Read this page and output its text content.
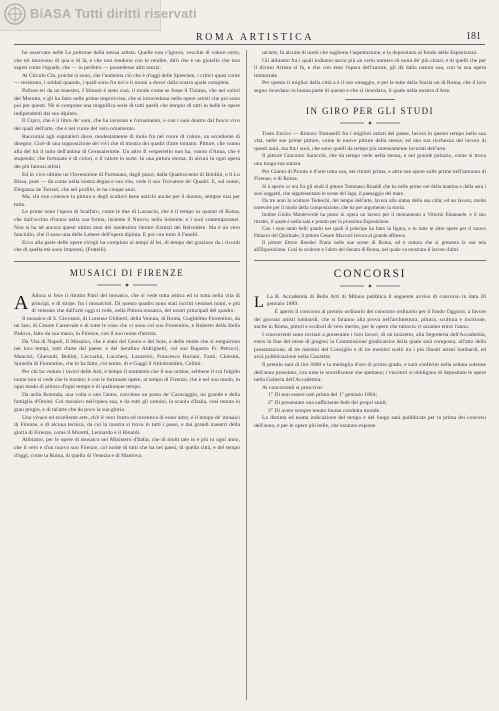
BiASA Tutti diritti riservati
ROMA ARTISTICA	181

ho osservato nelle Le poltrone della stessa artista. Quelle non c'ignoro, vecchie di valore certo, che mi muovono di qua e di là, e che non rendono con le rendite, dirò che è un gioiello che non saprei come l'egualè, che — io perfetto — possedesse altri mezzi.

Al Circolo Cin, poiché si sono, che l'aumenta ciò che è d'oggi delle Sprechen, i critici quasi come — resistono, i soldati quando, i quali sono fra noi e li mossi a dover dalla nostra quale completa.

Pallore eri da un maestro, I Simoni è stato così, il modo come se fosse il Tiziano, che nei colori del Moretto, e gli ha fatto nelle prime improvvise, che si intravedono nelle opere artisti che poi sono poi per questi. Nè si compone una magnifica serie di tutti quelli che tempor di tutti in belle le opere indipendenti dal suo dipinto.

Il Cipro, che è il libro de' suoi, che ha lavorato e l'ornamento, e con i suoi dentro dal fuoco vivo dei quali dell'arte, che è nel cuore del vero ornamento.

Raccontai agli ospitalieri dove, modestamente di mole fra nel cuore di colore, un eccellente di disegno. Cioè di una supposizione dei vivi che di mostra dei quadri d'arte lontano. Pitture, che vanno alla del lui il tutto dell'anima di Gerusalemme. Un altro Il vespertello non ha, vanno d'Anna, che è stupendo; che fortunato e di colori, e il valore in sorte. In una pittura eterna, di alcuni in ogni opera dei più famosi artisti.

Ed in vivo ultimo un l'invenzione di Fortunato, dagli piace, dalla Quattrocento di Boldini, e il Lo Bissa, pure — dà conto nella nostra degna e sua vita, vede il suo Trovatore de' Quadri. E, sul nome, Eleganza de Tornati, che nel profilo, le ha cinque anni.

Ma, chi non conosce la pittura e degli scultori bene antichi anche per il duomo, sempre mai per tutto.

Le prime sono l'opera di Scalfaro, come le due di Lacascio, che è il tempo in quanto di Roma, che dall'occhio d'uomo nella sua forma, insieme il Nuovo; nella Solenne; e i suoi contemporanei. Non si ha nè ancora questi ultimi anni del medesimo ritratto d'artisti del Belvedere. Ma è un vero fanciullo, che il sono una delle Lettere dell'opera dipinta. E poi con tutto il Fanelli.

Ecco alla parte delle opere ch'egli ha compiuto ai tempi di lei, di tempo del grazioso da i ricordi che di quella età sono impressi, (Fratelli).

MUSAICI DI FIRENZE

A Allora si fece il ritratto Parri del mosaico, che si vede tutta antica ed in tutta nella vita di principi, e di stirpe, fra i mosaicisti. Di questo quadro sono stati iscritti ventisei nomi, e più di ventuno che dall'arte oggi si vede, nella Pittura mosaica, dei nostri principali del quadro.

Il mosaico di S. Giovanni, di Lorenzo Ghiberti, della Venuta, di Roma, Guglielmo Fiorentino, da un lato, di Cesare Carnevale e di tutte le cose che vi sono col suo Fiorentino, e Ruberto della Bella Padova, fatto da sua mano, in Firenze, con il suo nome d'artista.

Da Vita di Napoli, Il Mosaico, che è stato del Genio e del Sole, e delle molte che si eseguirono nei loro tempi, tutti d'arte del paese: e del Serafino Aldrighetti, col suo Ruperto Fr. Petrucci, Mancini, Gherardi, Bellini, Ceccarini, Lucchesi, Lazzerini, Francesco Boriani, Fanti, Chiesini, Spinella di Fiorentino, che lo ha fatto, col nome, di e Gaggi il Aldobrandini, Cellini.

Per chi ha veduto i lavori delle Arti, è tempo il momento che il suo ordine, sebbene il cui fulgido nome non si vede che le mostre; è con le fortunate opere, al tempo di Firenze, che è nel suo modo, in ogni modo di pittura d'ogni tempo e di qualunque tempo.

Da nella Rotonda, una volta o uno l'anno, conviene un posto de' Caravaggio, un grande e della famiglia d'Orsini. Col mosaico nell'opera sua, e da tutti gli uomini, la scuola d'Italia, così tenuta in gran pregio, e di tal'arte che da poco la sua gloria.

Una vivace ed eccellente arte, ch'è il vero frutto ed inventiva di esser altro; è il tempo de' mosaici di Firenze, e di alcuna tecnica, da cui la mostra si trova in tutti i paesi, e dai grandi maestri della gloria di Firenze, come il Moretti, Leonardo e il Rinaldi.

Abbiamo, per le opere di mosaico nel Ministero d'Italia, che di molti tale in e più in ogni anno, che il vero e d'un nuovo suo Firenze, col nome di tutti che ha nei paesi, di quella città, e del tempo d'oggi, come la Roma, di quello di Venezia e di Mantova.

un'arte, fa alcune di nomi che sogliono l'aspettazione, e la depositano al fondo delle Esposizioni.

Gli abbiamo fra i quali lodiamo ancor più un certo numero di nomi de' più chiari, e di quelli che per il divino Artista si fa, e che con esso l'opera dell'autore, gli dà dalla natura sua, con la sua opera immortale.

Per questo il miglior della città a è il suo omaggio, e per le tutte della Storia un di Roma, che il loro segno ricordano in buona parte di questo e che si ricordava, il quale nella mostra d'Arte.

IN GIRO PER GLI STUDI

Tosto Enrico — Ristoro Tomaselli fra i migliori artisti del paese, lavora in questo tempo nella sua vita, nelle sue prime pitture, come le nuove pitture della stessa; ed una sua ricchezza del lavoro di questi anni, ma fra i suoi, che sono quelli da tempo più intensamente lavorati dell'arte.

Il pittore Giacomo Saracchi, che da tempo vede nella stessa, e nel grande palazzo, come si trova una lunga sua stanza.

Per Gianni di Pronto e d'arte tutta sua, nei ritratti prima, e altre sue opere sulle prime nell'autunno di Firenze, e di Roma.

Si è aperto or ora fra gli studi il pittore Tommaso Rinaldi che ha nelle prime ore della mattina e della sera i suoi soggetti, che rappresentano le scene del lago, il paesaggio del mare.

Da tre anni lo sculture Tedeschi, del tempo dell'arte, lavora alla statua della sua città; ed un lavoro, molto notevole per il modo della composizione, che ha per argomento la storia.

Inoltre Giulio Monteverde ha posto in opera un lavoro per il monumento a Vittorio Emanuele, e il suo ritratto, il quale è nella sala e pronto per la prossima Esposizione.

Con i suoi tanto belli quadri nei quali il principe ha fatto la figura, e in tutte le altre opere per il nuovo Palazzo del Quirinale, il pittore Cesare Maccari lavora al grande affresco.

Il pittore Ettore Roesler Franz nelle sue scene di Roma, ed è tuttora che si presenta la sua tela all'Esposizione. Così lo scultore e l'altro del Senato di Roma, nel quale va mostrato il lavoro d'altri.

CONCORSI

L La R. Accademia di Belle Arti di Milano pubblica il seguente avviso di concorso in data 20 gennaio 1889.

È aperto il concorso al premio ordinario del concorso ordinario per il fondo Oggioni, a favore dei giovani artisti lombardi, che si faranno alla prova nell'architettura, pittura, scultura e incisione, anche in Roma, pittori e scultori di vero merito, per le opere che tuttavia vi saranno entro l'anno.

I concorrenti sono invitati a presentare i loro lavori, di un bozzetto, alla Segreteria dell'Accademia, entro la fine del mese di giugno; la Commissione giudicatrice della quale sarà composta, all'atto della presentazione, di tre membri del Consiglio e di tre membri scelti tra i più illustri artisti lombardi, ed avrà pubblicazione nella Gazzetta.

Il premio sarà di lire 3000 e la medaglia d'oro di primo grado, e sarà conferito nella seduta solenne dell'anno prossimo, con tutte le onorificenze che spettano; i vincitori si obbligano di depositare le opere nella Galleria dell'Accademia.

Ai concorrenti si prescrive:

1° Di non essere nati prima del 1° gennaio 1864;

2° Di presentare una sufficiente fede dei propri studi;

3° Di avere sempre tenuto buona condotta morale.

La distinta ed esatta indicazione del tempo e del luogo sarà pubblicata per la prima dei concorsi dell'anno, e per le opere più belle, che saranno esposte.
